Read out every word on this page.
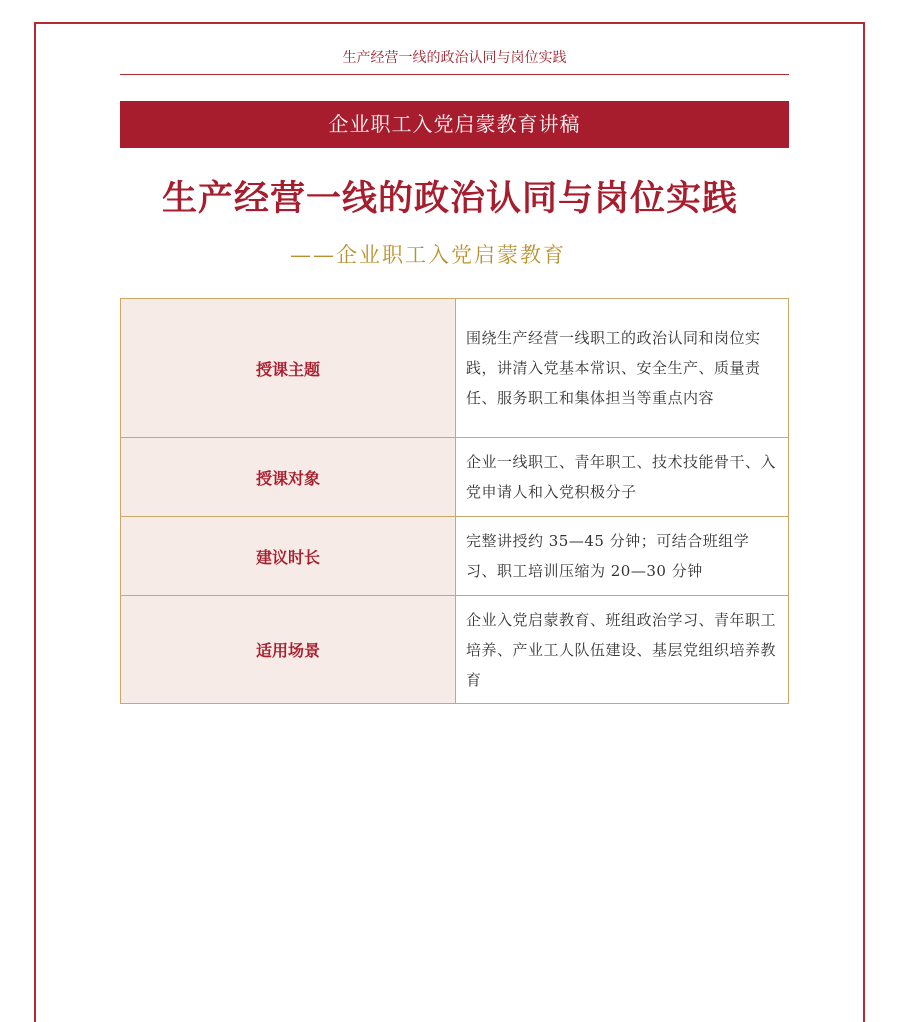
生产经营一线的政治认同与岗位实践
企业职工入党启蒙教育讲稿
生产经营一线的政治认同与岗位实践
——企业职工入党启蒙教育
授课主题	围绕生产经营一线职工的政治认同和岗位实践，讲清入党基本常识、安全生产、质量责任、服务职工和集体担当等重点内容
授课对象	企业一线职工、青年职工、技术技能骨干、入党申请人和入党积极分子
建议时长	完整讲授约 35—45 分钟；可结合班组学习、职工培训压缩为 20—30 分钟
适用场景	企业入党启蒙教育、班组政治学习、青年职工培养、产业工人队伍建设、基层党组织培养教育
